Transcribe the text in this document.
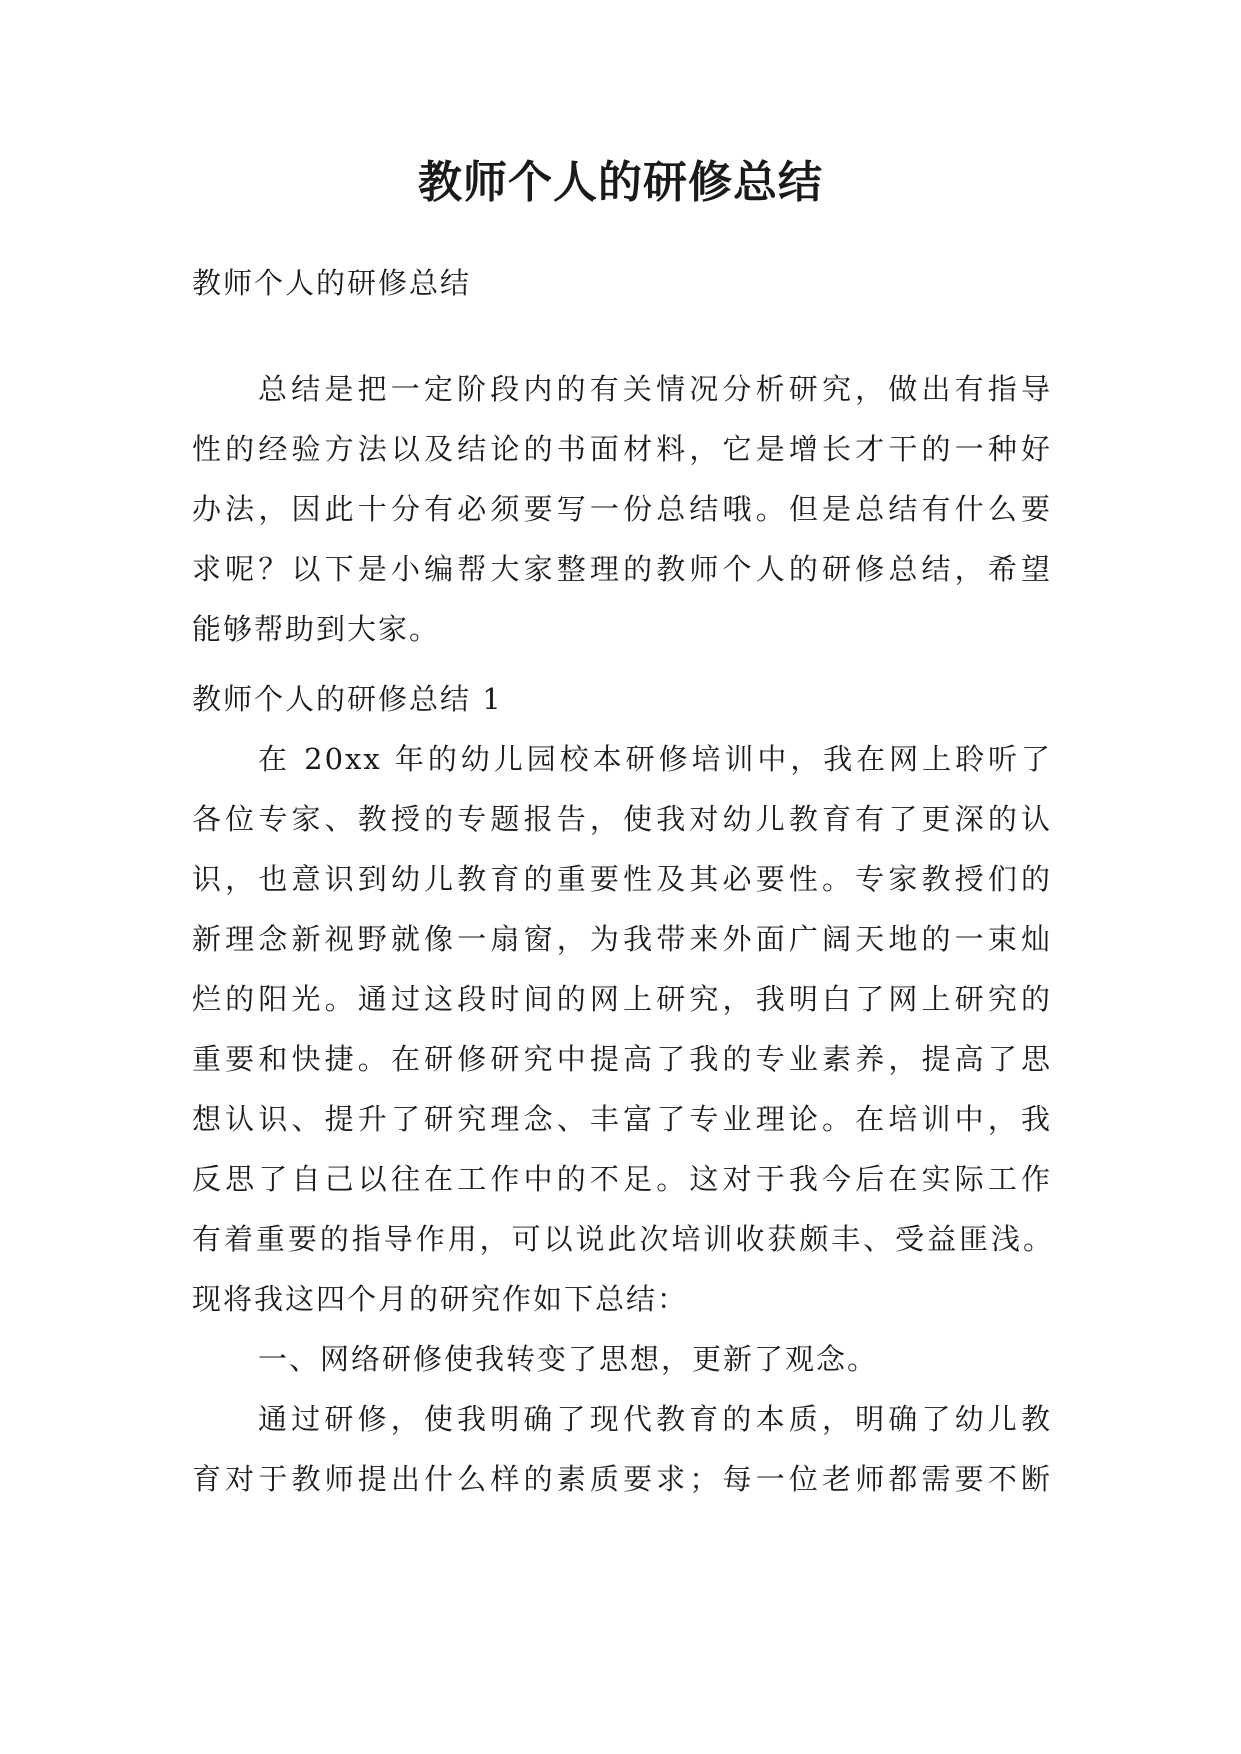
教师个人的研修总结
教师个人的研修总结
总结是把一定阶段内的有关情况分析研究，做出有指导
性的经验方法以及结论的书面材料，它是增长才干的一种好
办法，因此十分有必须要写一份总结哦。但是总结有什么要
求呢？以下是小编帮大家整理的教师个人的研修总结，希望
能够帮助到大家。
教师个人的研修总结 1
在 20xx 年的幼儿园校本研修培训中，我在网上聆听了
各位专家、教授的专题报告，使我对幼儿教育有了更深的认
识，也意识到幼儿教育的重要性及其必要性。专家教授们的
新理念新视野就像一扇窗，为我带来外面广阔天地的一束灿
烂的阳光。通过这段时间的网上研究，我明白了网上研究的
重要和快捷。在研修研究中提高了我的专业素养，提高了思
想认识、提升了研究理念、丰富了专业理论。在培训中，我
反思了自己以往在工作中的不足。这对于我今后在实际工作
有着重要的指导作用，可以说此次培训收获颇丰、受益匪浅。
现将我这四个月的研究作如下总结：
一、网络研修使我转变了思想，更新了观念。
通过研修，使我明确了现代教育的本质，明确了幼儿教
育对于教师提出什么样的素质要求；每一位老师都需要不断
